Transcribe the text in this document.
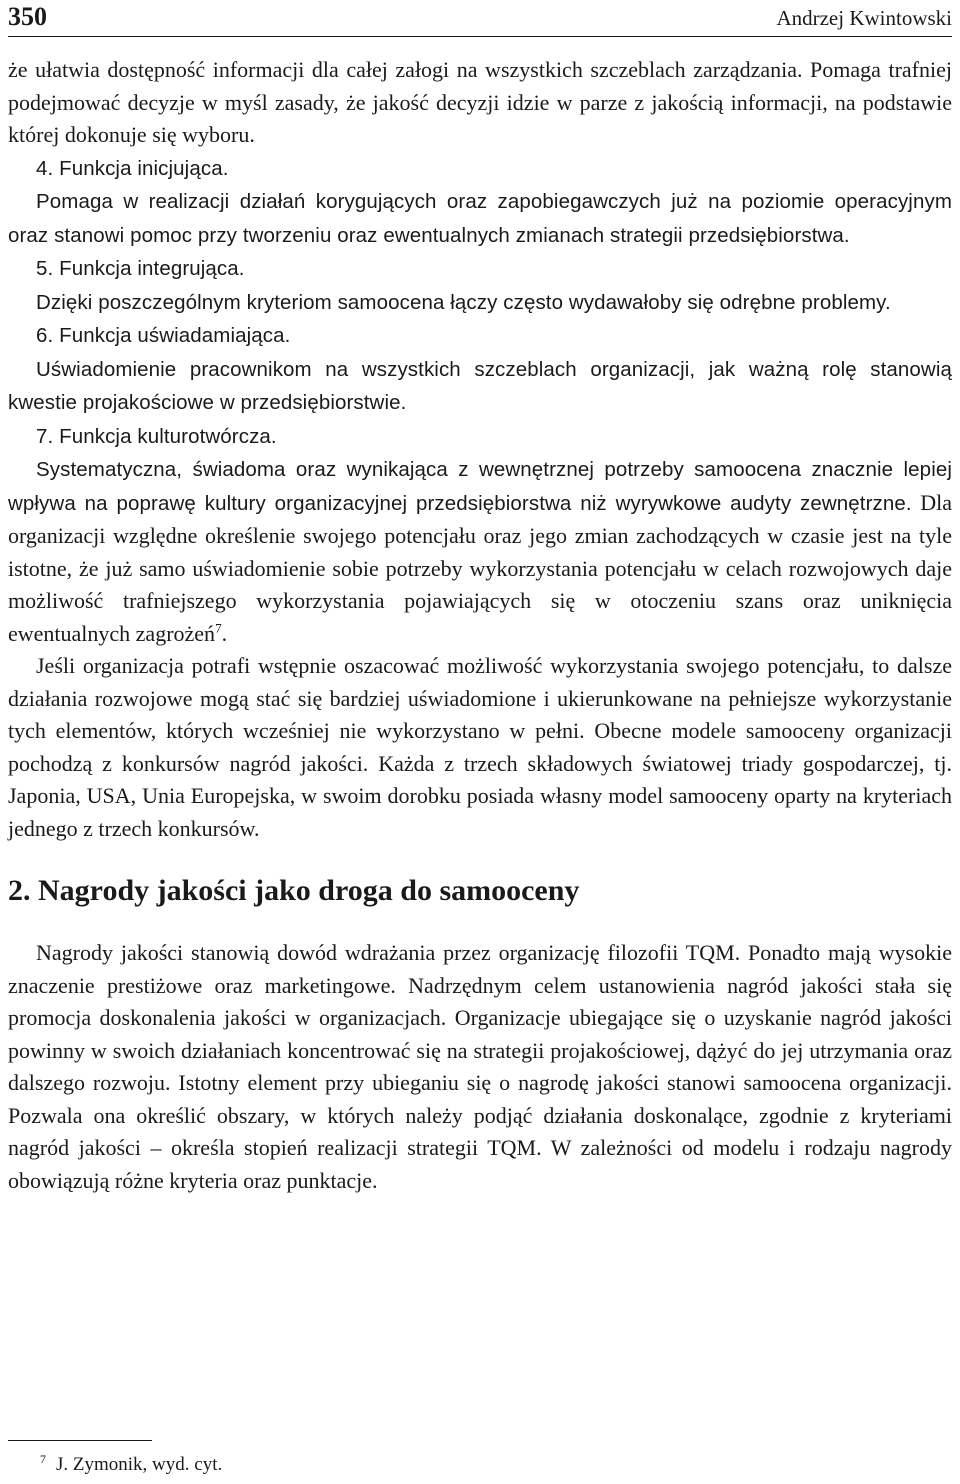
350	Andrzej Kwintowski

że ułatwia dostępność informacji dla całej załogi na wszystkich szczeblach zarządzania. Pomaga trafniej podejmować decyzje w myśl zasady, że jakość decyzji idzie w parze z jakością informacji, na podstawie której dokonuje się wyboru.

4. Funkcja inicjująca.

Pomaga w realizacji działań korygujących oraz zapobiegawczych już na poziomie operacyjnym oraz stanowi pomoc przy tworzeniu oraz ewentualnych zmianach strategii przedsiębiorstwa.

5. Funkcja integrująca.

Dzięki poszczególnym kryteriom samoocena łączy często wydawałoby się odrębne problemy.

6. Funkcja uświadamiająca.

Uświadomienie pracownikom na wszystkich szczeblach organizacji, jak ważną rolę stanowią kwestie projakościowe w przedsiębiorstwie.

7. Funkcja kulturotwórcza.

Systematyczna, świadoma oraz wynikająca z wewnętrznej potrzeby samoocena znacznie lepiej wpływa na poprawę kultury organizacyjnej przedsiębiorstwa niż wyrywkowe audyty zewnętrzne. Dla organizacji względne określenie swojego potencjału oraz jego zmian zachodzących w czasie jest na tyle istotne, że już samo uświadomienie sobie potrzeby wykorzystania potencjału w celach rozwojowych daje możliwość trafniejszego wykorzystania pojawiających się w otoczeniu szans oraz uniknięcia ewentualnych zagrożeń$^7$.

Jeśli organizacja potrafi wstępnie oszacować możliwość wykorzystania swojego potencjału, to dalsze działania rozwojowe mogą stać się bardziej uświadomione i ukierunkowane na pełniejsze wykorzystanie tych elementów, których wcześniej nie wykorzystano w pełni. Obecne modele samooceny organizacji pochodzą z konkursów nagród jakości. Każda z trzech składowych światowej triady gospodarczej, tj. Japonia, USA, Unia Europejska, w swoim dorobku posiada własny model samooceny oparty na kryteriach jednego z trzech konkursów.

2. Nagrody jakości jako droga do samooceny

Nagrody jakości stanowią dowód wdrażania przez organizację filozofii TQM. Ponadto mają wysokie znaczenie prestiżowe oraz marketingowe. Nadrzędnym celem ustanowienia nagród jakości stała się promocja doskonalenia jakości w organizacjach. Organizacje ubiegające się o uzyskanie nagród jakości powinny w swoich działaniach koncentrować się na strategii projakościowej, dążyć do jej utrzymania oraz dalszego rozwoju. Istotny element przy ubieganiu się o nagrodę jakości stanowi samoocena organizacji. Pozwala ona określić obszary, w których należy podjąć działania doskonalące, zgodnie z kryteriami nagród jakości – określa stopień realizacji strategii TQM. W zależności od modelu i rodzaju nagrody obowiązują różne kryteria oraz punktacje.

$^7$ J. Zymonik, wyd. cyt.
